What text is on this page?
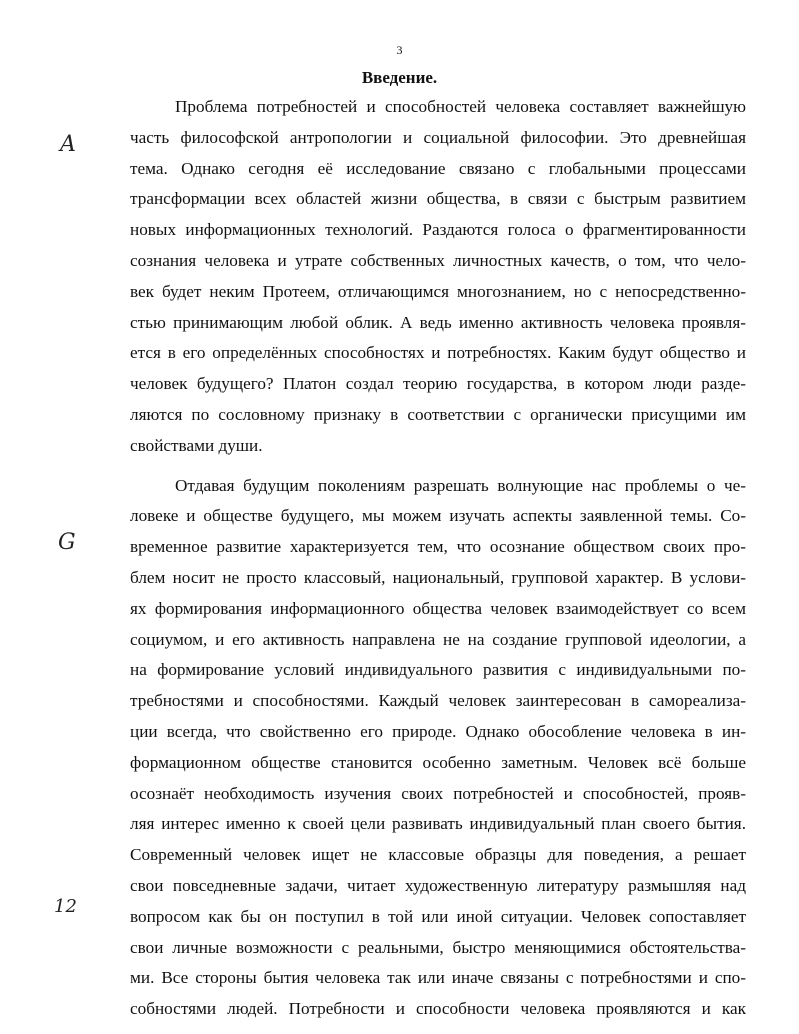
3
Введение.
Проблема потребностей и способностей человека составляет важнейшую
часть философской антропологии и социальной философии. Это древнейшая
тема. Однако сегодня её исследование связано с глобальными процессами
трансформации всех областей жизни общества, в связи с быстрым развитием
новых информационных технологий. Раздаются голоса о фрагментированности
сознания человека и утрате собственных личностных качеств, о том, что чело-
век будет неким Протеем, отличающимся многознанием, но с непосредственно-
стью принимающим любой облик. А ведь именно активность человека проявля-
ется в его определённых способностях и потребностях. Каким будут общество и
человек будущего? Платон создал теорию государства, в котором люди разде-
ляются по сословному признаку в соответствии с органически присущими им
свойствами души.
Отдавая будущим поколениям разрешать волнующие нас проблемы о че-
ловеке и обществе будущего, мы можем изучать аспекты заявленной темы. Со-
временное развитие характеризуется тем, что осознание обществом своих про-
блем носит не просто классовый, национальный, групповой характер. В услови-
ях формирования информационного общества человек взаимодействует со всем
социумом, и его активность направлена не на создание групповой идеологии, а
на формирование условий индивидуального развития с индивидуальными по-
требностями и способностями. Каждый человек заинтересован в самореализа-
ции всегда, что свойственно его природе. Однако обособление человека в ин-
формационном обществе становится особенно заметным. Человек всё больше
осознаёт необходимость изучения своих потребностей и способностей, прояв-
ляя интерес именно к своей цели развивать индивидуальный план своего бытия.
Современный человек ищет не классовые образцы для поведения, а решает
свои повседневные задачи, читает художественную литературу размышляя над
вопросом как бы он поступил в той или иной ситуации. Человек сопоставляет
свои личные возможности с реальными, быстро меняющимися обстоятельства-
ми. Все стороны бытия человека так или иначе связаны с потребностями и спо-
собностями людей. Потребности и способности человека проявляются и как
A
G
12
